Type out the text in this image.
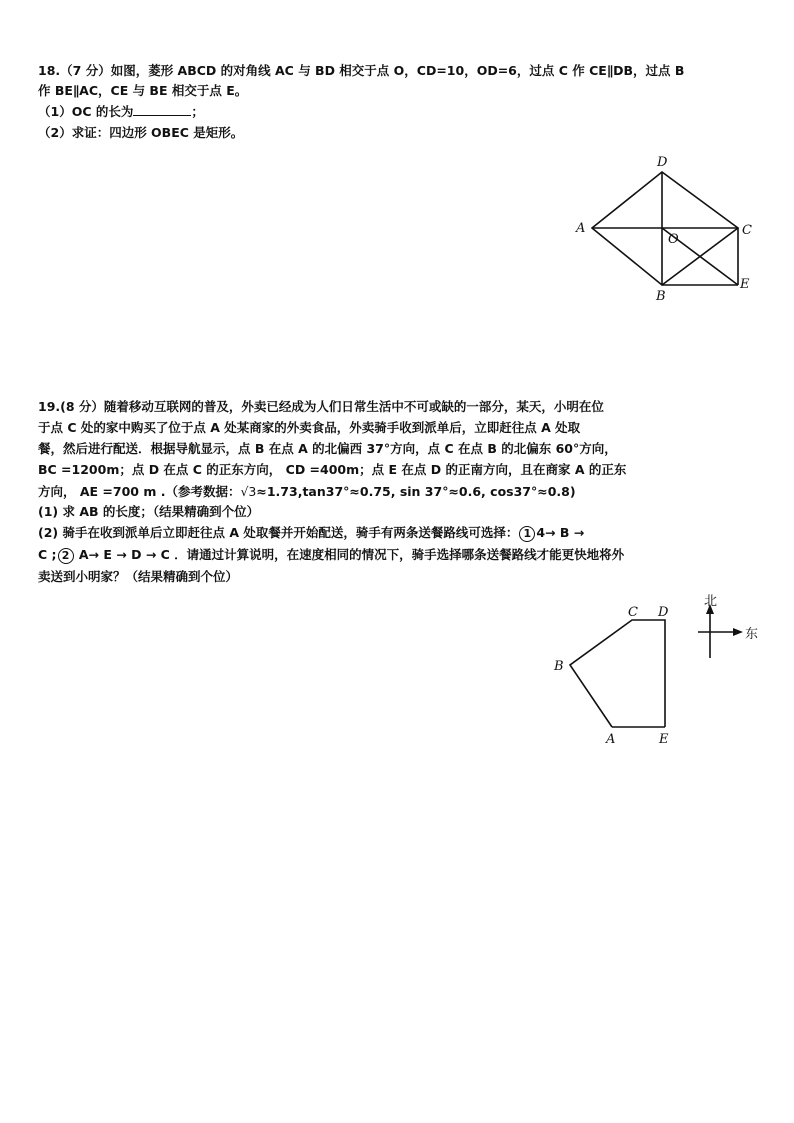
18.（7 分）如图，菱形 ABCD 的对角线 AC 与 BD 相交于点 O，CD=10，OD=6，过点 C 作 CE∥DB，过点 B
作 BE∥AC，CE 与 BE 相交于点 E。
（1）OC 的长为	；
（2）求证：四边形 OBEC 是矩形。
D
A	C
O
B
E
19.(8 分）随着移动互联网的普及，外卖已经成为人们日常生活中不可或缺的一部分，某天，小明在位
于点 C 处的家中购买了位于点 A 处某商家的外卖食品，外卖骑手收到派单后，立即赶往点 A 处取
餐，然后进行配送．根据导航显示，点 B 在点 A 的北偏西 37°方向，点 C 在点 B 的北偏东 60°方向，
BC =1200m；点 D 在点 C 的正东方向， CD =400m；点 E 在点 D 的正南方向，且在商家 A 的正东
方向， AE =700 m .（参考数据：√3≈1.73,tan37°≈0.75, sin 37°≈0.6, cos37°≈0.8)
(1) 求 AB 的长度；（结果精确到个位）
(2) 骑手在收到派单后立即赶往点 A 处取餐并开始配送，骑手有两条送餐路线可选择： 1 4→ B →
C ; 2 A→ E → D → C ．请通过计算说明，在速度相同的情况下，骑手选择哪条送餐路线才能更快地将外
卖送到小明家？（结果精确到个位）
北
东
C D
B
A	E
